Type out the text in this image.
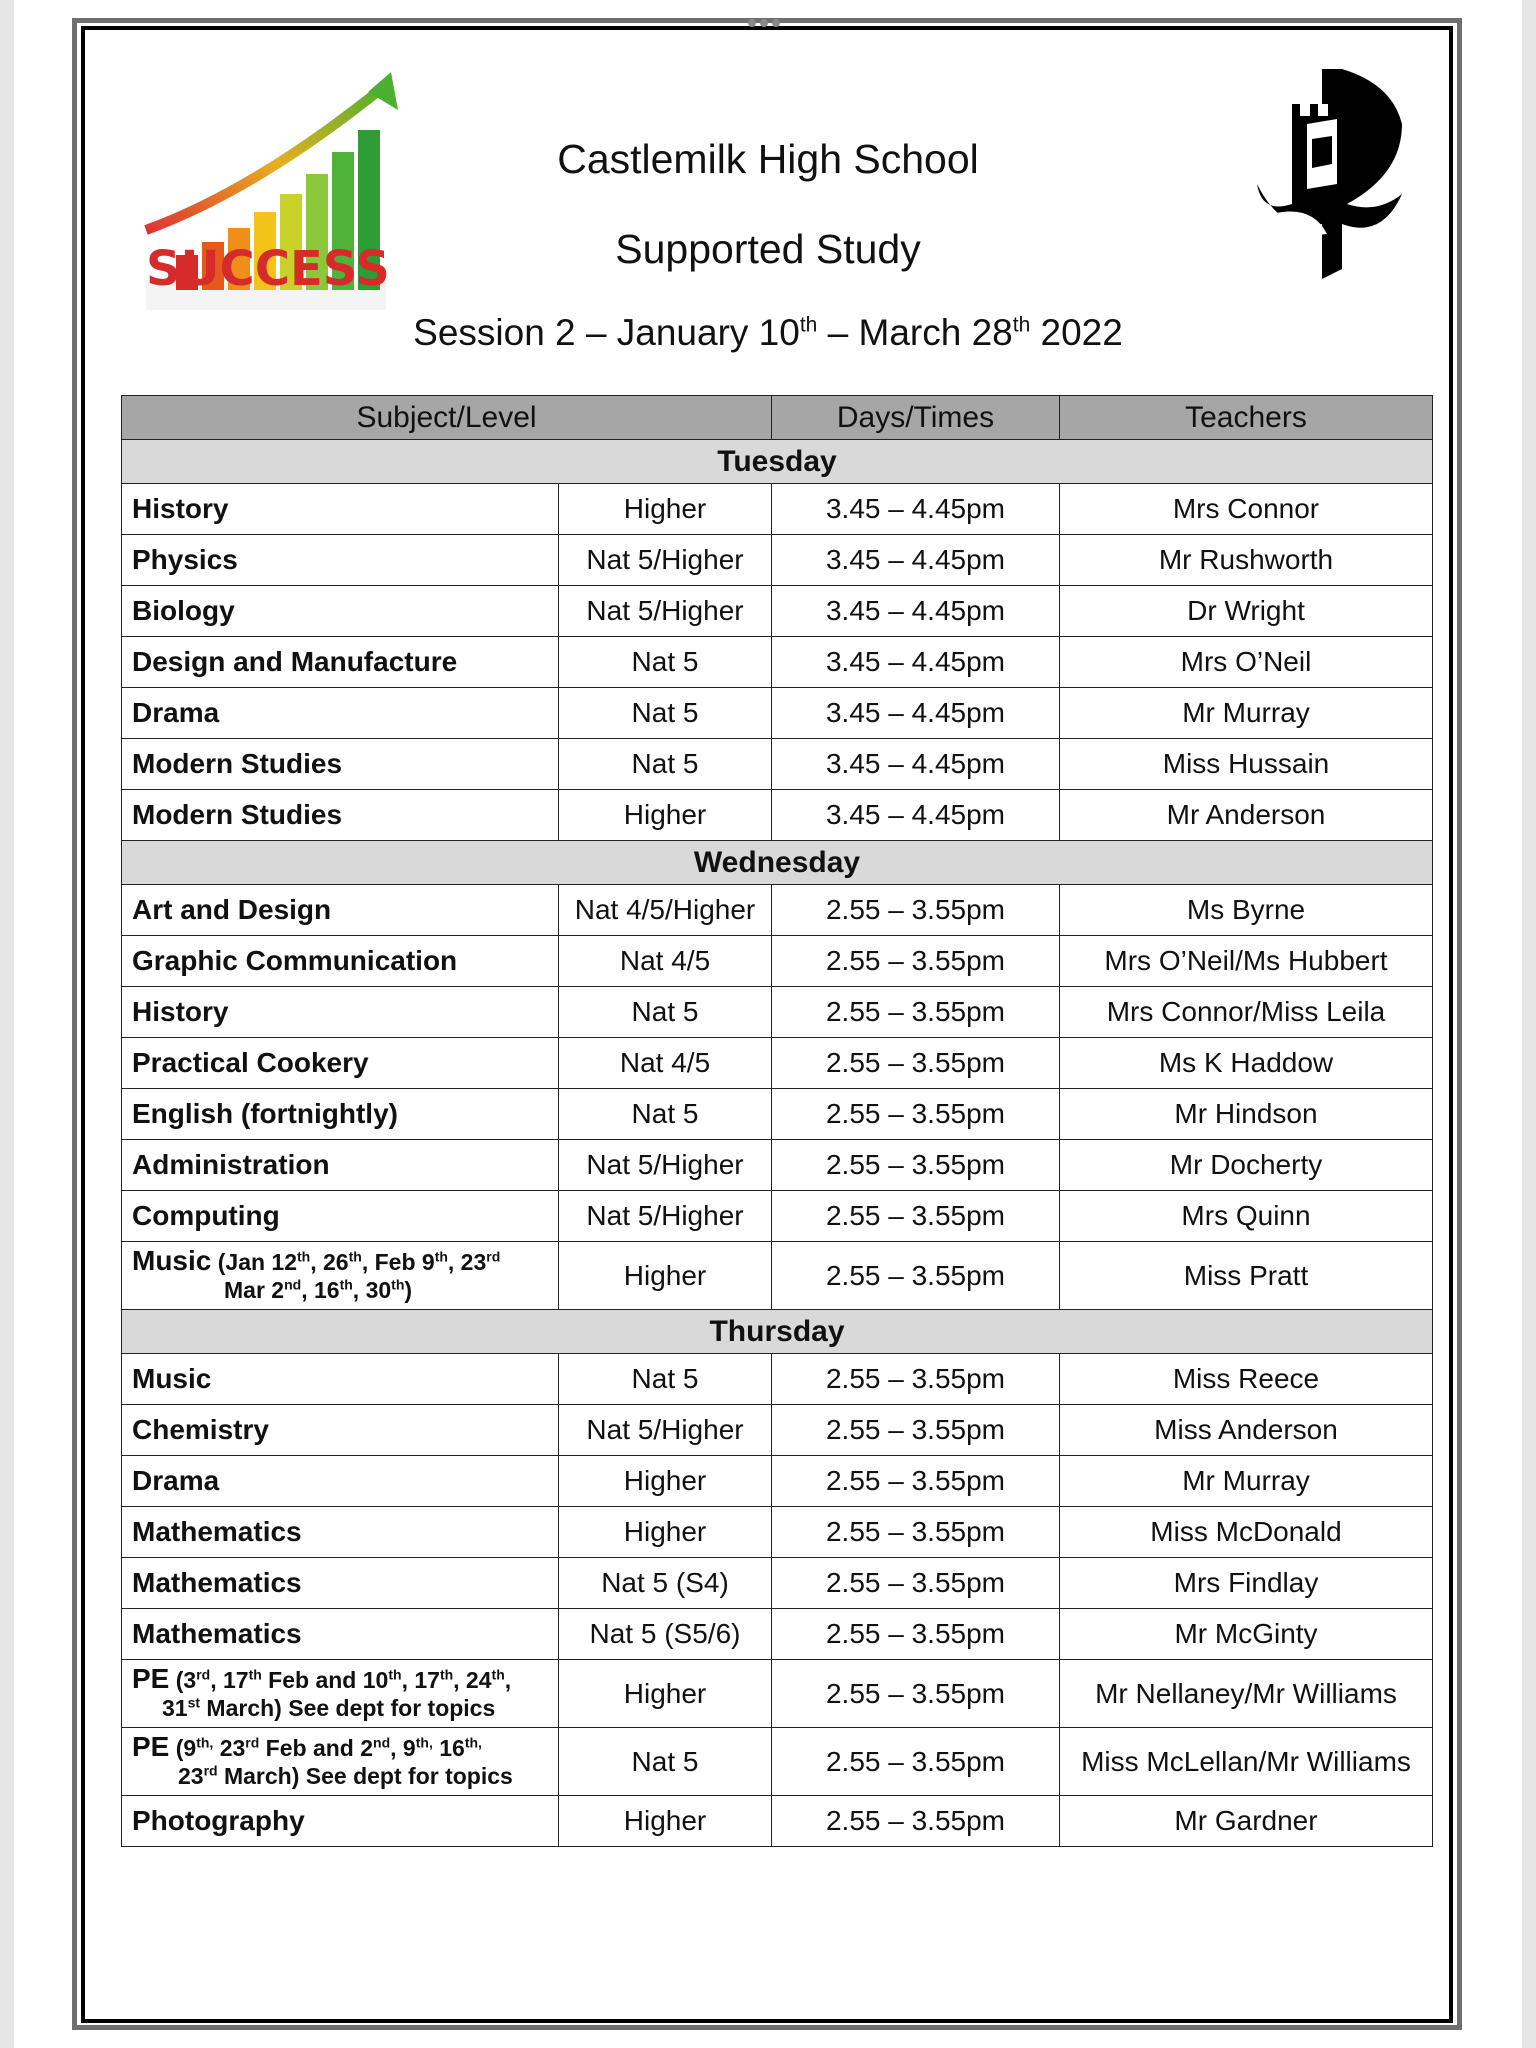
SUCCESS
Castlemilk High School
Supported Study
Session 2 – January 10th – March 28th 2022
Subject/Level		Days/Times	Teachers
Tuesday			
History	Higher	3.45 – 4.45pm	Mrs Connor
Physics	Nat 5/Higher	3.45 – 4.45pm	Mr Rushworth
Biology	Nat 5/Higher	3.45 – 4.45pm	Dr Wright
Design and Manufacture	Nat 5	3.45 – 4.45pm	Mrs O’Neil
Drama	Nat 5	3.45 – 4.45pm	Mr Murray
Modern Studies	Nat 5	3.45 – 4.45pm	Miss Hussain
Modern Studies	Higher	3.45 – 4.45pm	Mr Anderson
Wednesday			
Art and Design	Nat 4/5/Higher	2.55 – 3.55pm	Ms Byrne
Graphic Communication	Nat 4/5	2.55 – 3.55pm	Mrs O’Neil/Ms Hubbert
History	Nat 5	2.55 – 3.55pm	Mrs Connor/Miss Leila
Practical Cookery	Nat 4/5	2.55 – 3.55pm	Ms K Haddow
English (fortnightly)	Nat 5	2.55 – 3.55pm	Mr Hindson
Administration	Nat 5/Higher	2.55 – 3.55pm	Mr Docherty
Computing	Nat 5/Higher	2.55 – 3.55pm	Mrs Quinn
Music (Jan 12th, 26th, Feb 9th, 23rd
Mar 2nd, 16th, 30th)	Higher	2.55 – 3.55pm	Miss Pratt
Thursday			
Music	Nat 5	2.55 – 3.55pm	Miss Reece
Chemistry	Nat 5/Higher	2.55 – 3.55pm	Miss Anderson
Drama	Higher	2.55 – 3.55pm	Mr Murray
Mathematics	Higher	2.55 – 3.55pm	Miss McDonald
Mathematics	Nat 5 (S4)	2.55 – 3.55pm	Mrs Findlay
Mathematics	Nat 5 (S5/6)	2.55 – 3.55pm	Mr McGinty
PE (3rd, 17th Feb and 10th, 17th, 24th,
31st March) See dept for topics	Higher	2.55 – 3.55pm	Mr Nellaney/Mr Williams
PE ($9^{th,}$ 23rd Feb and 2nd, $9^{th,}$ $16^{th,}$
23rd March) See dept for topics	Nat 5	2.55 – 3.55pm	Miss McLellan/Mr Williams
Photography	Higher	2.55 – 3.55pm	Mr Gardner
